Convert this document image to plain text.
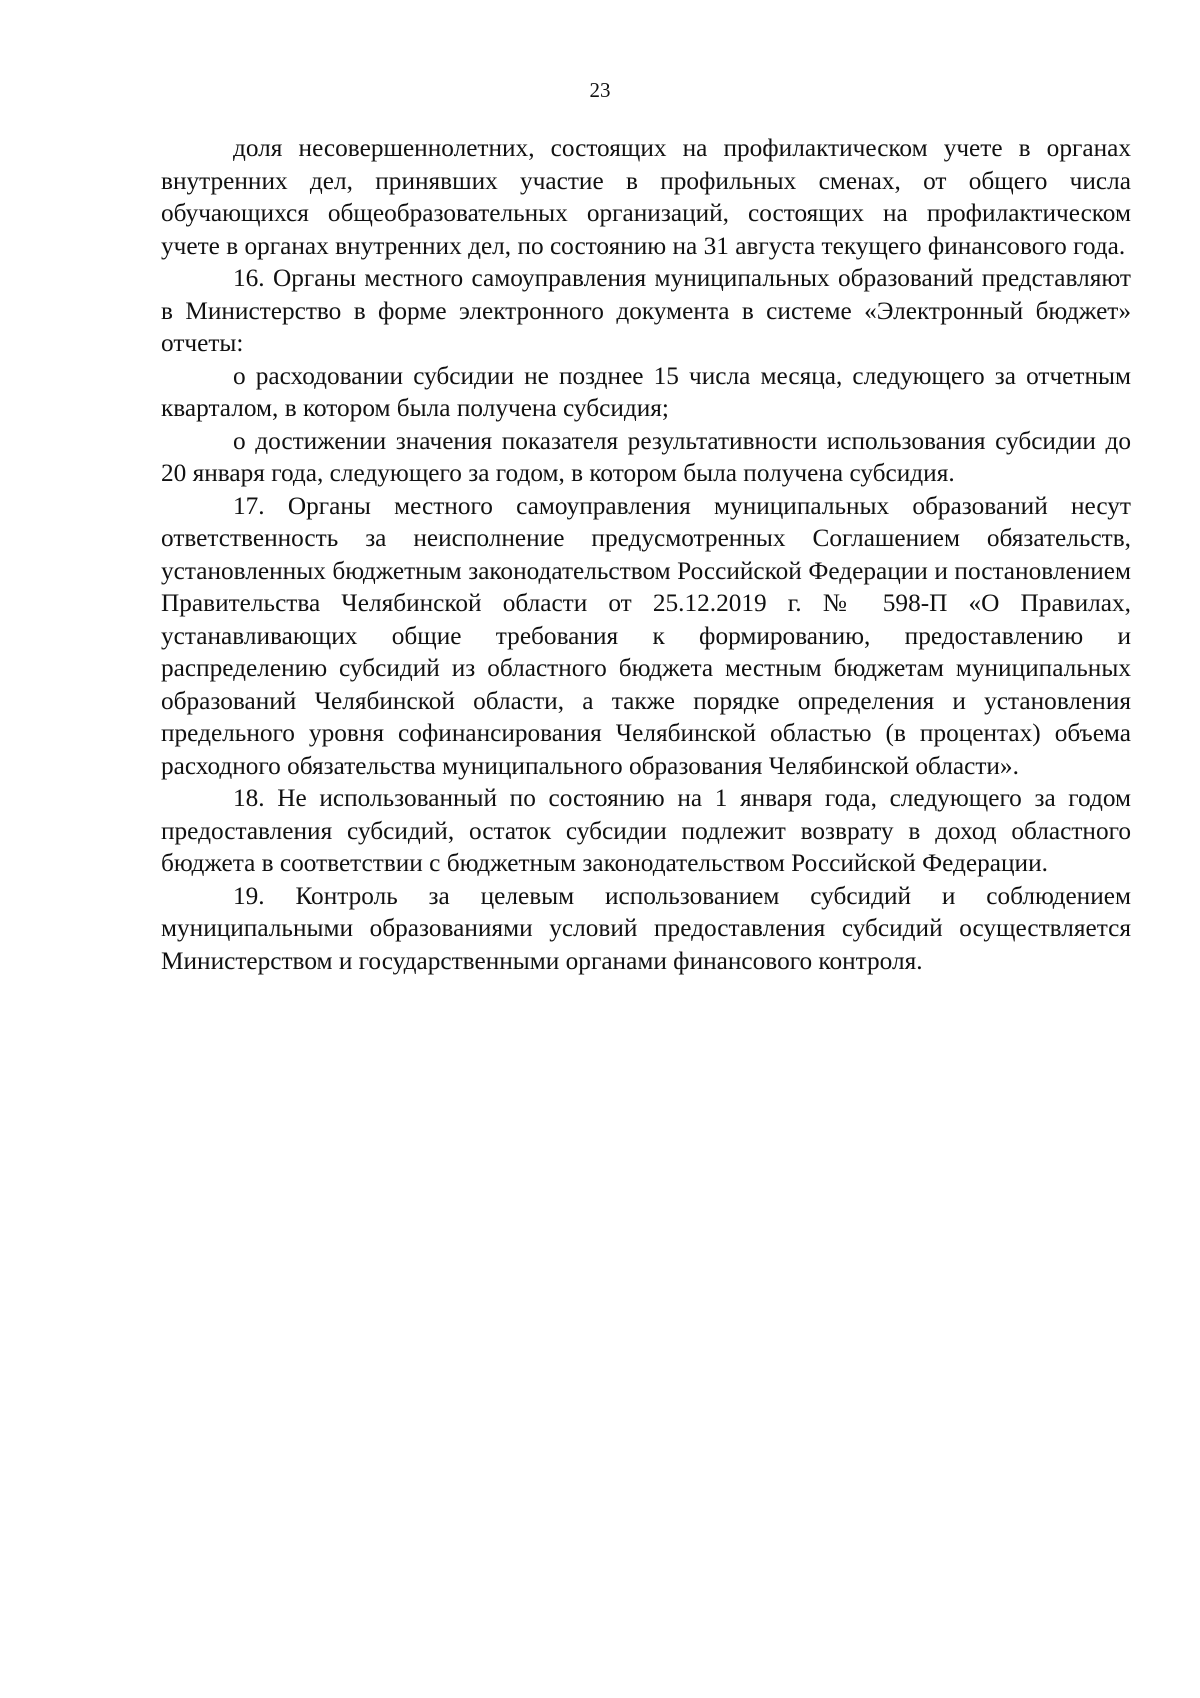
23

доля несовершеннолетних, состоящих на профилактическом учете в органах внутренних дел, принявших участие в профильных сменах, от общего числа обучающихся общеобразовательных организаций, состоящих на профилактическом учете в органах внутренних дел, по состоянию на 31 августа текущего финансового года.

16. Органы местного самоуправления муниципальных образований представляют в Министерство в форме электронного документа в системе «Электронный бюджет» отчеты:

о расходовании субсидии не позднее 15 числа месяца, следующего за отчетным кварталом, в котором была получена субсидия;

о достижении значения показателя результативности использования субсидии до 20 января года, следующего за годом, в котором была получена субсидия.

17. Органы местного самоуправления муниципальных образований несут ответственность за неисполнение предусмотренных Соглашением обязательств, установленных бюджетным законодательством Российской Федерации и постановлением Правительства Челябинской области от 25.12.2019 г. № 598-П «О Правилах, устанавливающих общие требования к формированию, предоставлению и распределению субсидий из областного бюджета местным бюджетам муниципальных образований Челябинской области, а также порядке определения и установления предельного уровня софинансирования Челябинской областью (в процентах) объема расходного обязательства муниципального образования Челябинской области».

18. Не использованный по состоянию на 1 января года, следующего за годом предоставления субсидий, остаток субсидии подлежит возврату в доход областного бюджета в соответствии с бюджетным законодательством Российской Федерации.

19. Контроль за целевым использованием субсидий и соблюдением муниципальными образованиями условий предоставления субсидий осуществляется Министерством и государственными органами финансового контроля.
